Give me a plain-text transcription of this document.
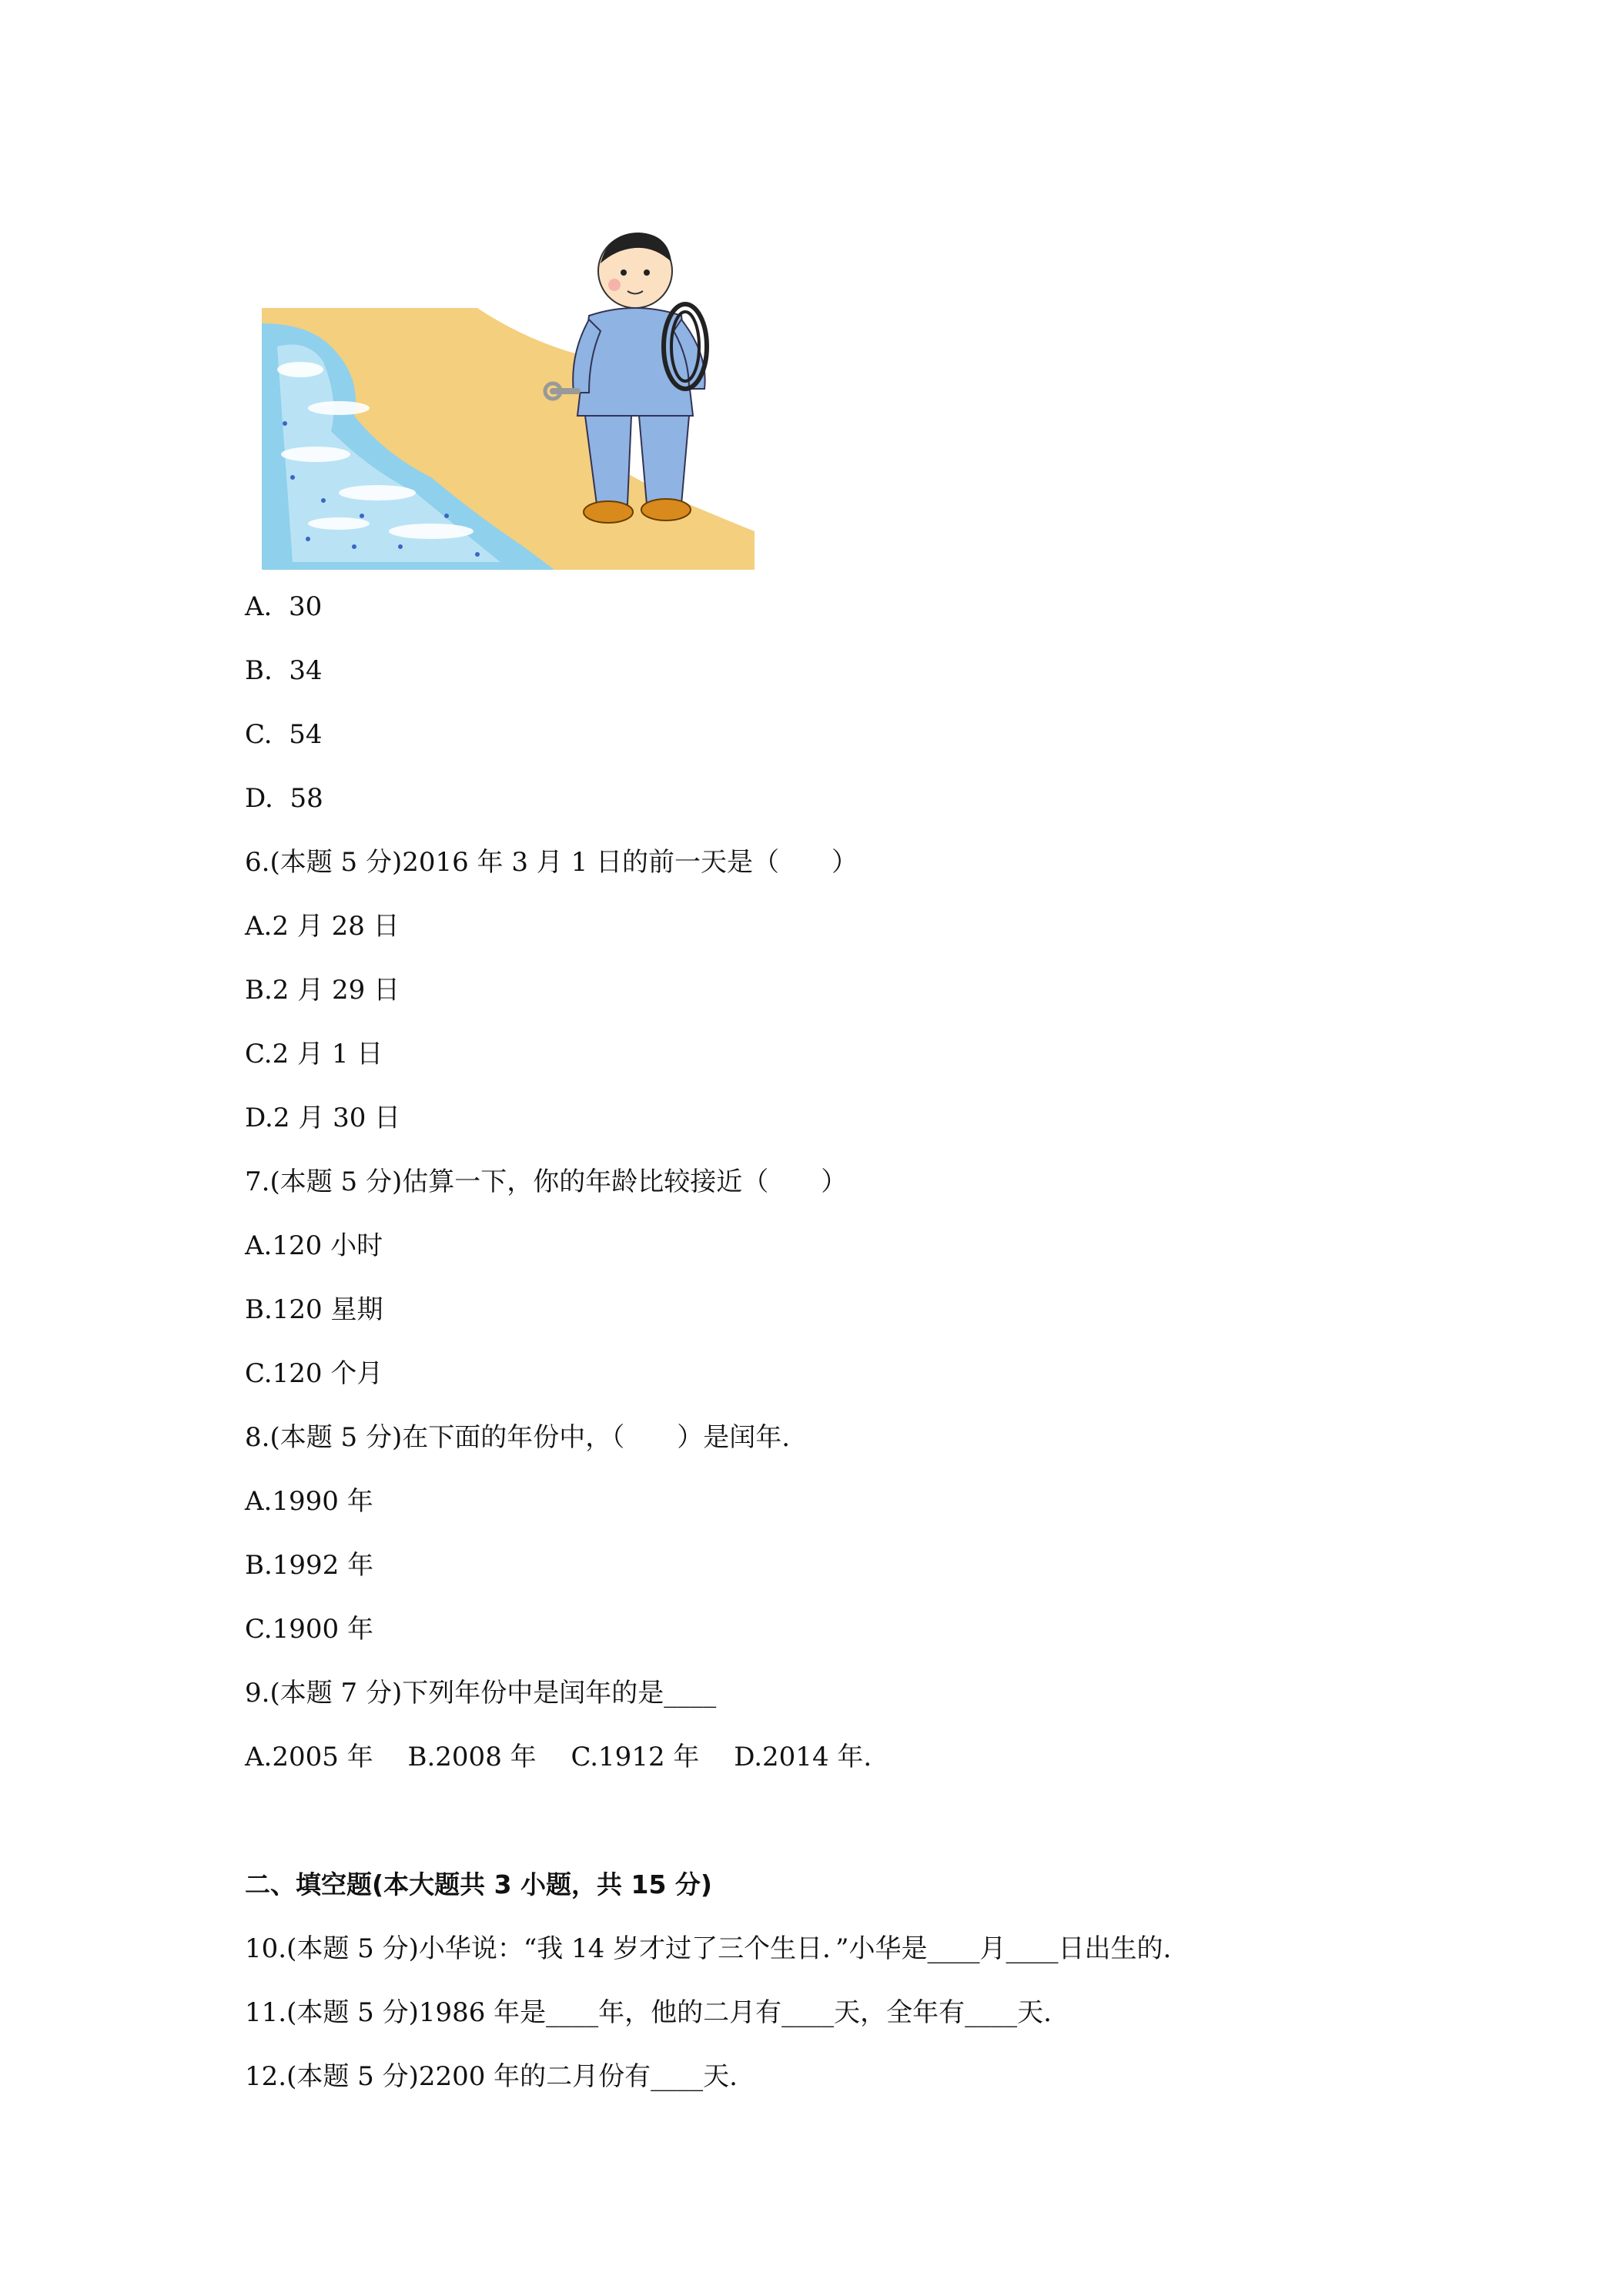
A.  30
B.  34
C.  54
D.  58
6.(本题 5 分)2016 年 3 月 1 日的前一天是（　　）
A.2 月 28 日
B.2 月 29 日
C.2 月 1 日
D.2 月 30 日
7.(本题 5 分)估算一下，你的年龄比较接近（　　）
A.120 小时
B.120 星期
C.120 个月
8.(本题 5 分)在下面的年份中，（　　）是闰年.
A.1990 年
B.1992 年
C.1900 年
9.(本题 7 分)下列年份中是闰年的是____
A.2005 年　 B.2008 年　 C.1912 年　 D.2014 年.
二、填空题(本大题共 3 小题，共 15 分)
10.(本题 5 分)小华说：“我 14 岁才过了三个生日．”小华是____月____日出生的.
11.(本题 5 分)1986 年是____年，他的二月有____天，全年有____天.
12.(本题 5 分)2200 年的二月份有____天.
